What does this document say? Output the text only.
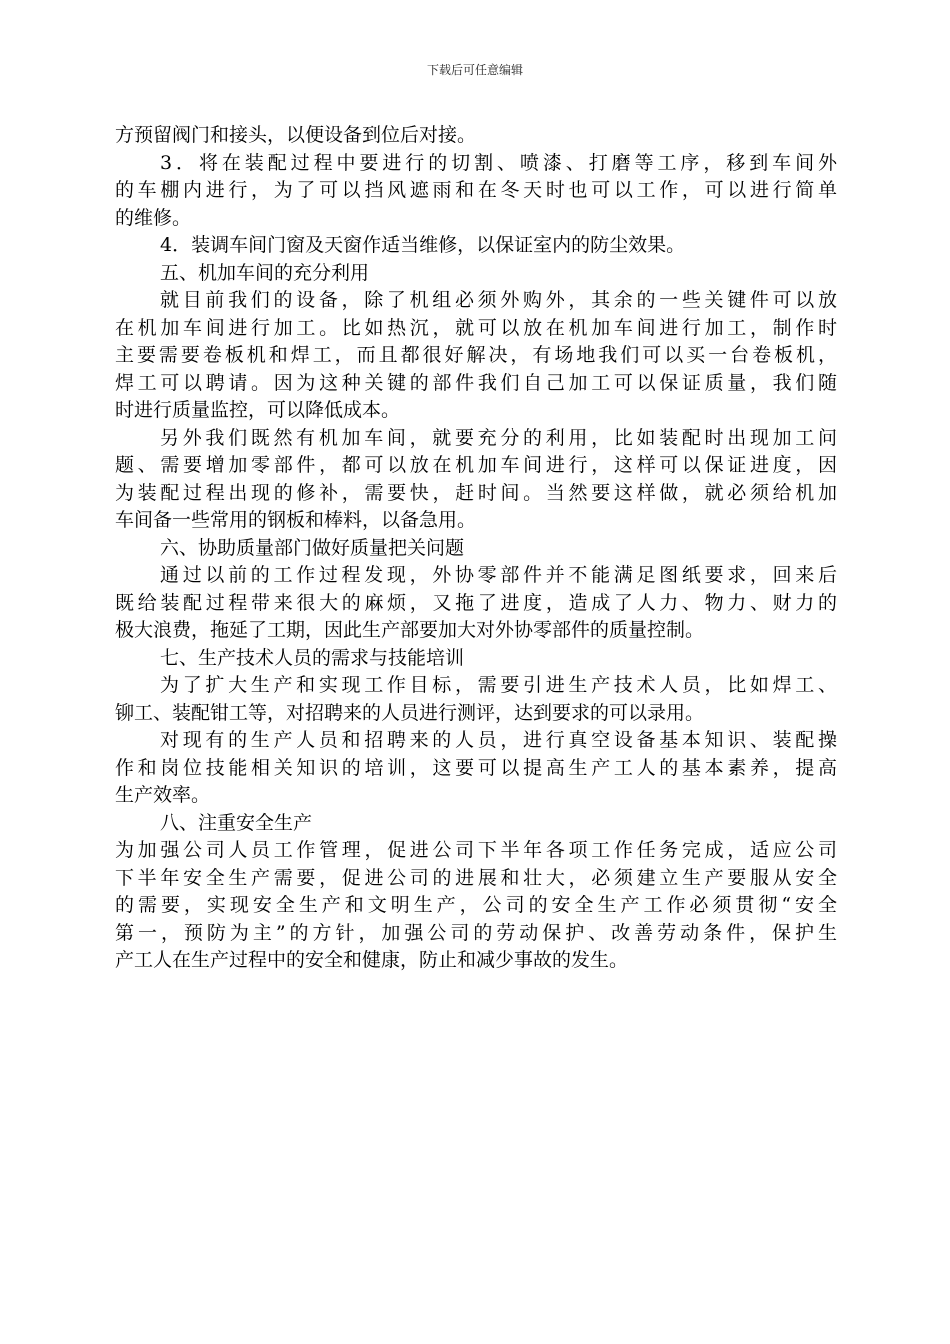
下载后可任意编辑
方预留阀门和接头，以便设备到位后对接。
3．将在装配过程中要进行的切割、喷漆、打磨等工序，移到车间外
的车棚内进行，为了可以挡风遮雨和在冬天时也可以工作，可以进行简单
的维修。
4．装调车间门窗及天窗作适当维修，以保证室内的防尘效果。
五、机加车间的充分利用
就目前我们的设备，除了机组必须外购外，其余的一些关键件可以放
在机加车间进行加工。比如热沉，就可以放在机加车间进行加工，制作时
主要需要卷板机和焊工，而且都很好解决，有场地我们可以买一台卷板机，
焊工可以聘请。因为这种关键的部件我们自己加工可以保证质量，我们随
时进行质量监控，可以降低成本。
另外我们既然有机加车间，就要充分的利用，比如装配时出现加工问
题、需要增加零部件，都可以放在机加车间进行，这样可以保证进度，因
为装配过程出现的修补，需要快，赶时间。当然要这样做，就必须给机加
车间备一些常用的钢板和棒料，以备急用。
六、协助质量部门做好质量把关问题
通过以前的工作过程发现，外协零部件并不能满足图纸要求，回来后
既给装配过程带来很大的麻烦，又拖了进度，造成了人力、物力、财力的
极大浪费，拖延了工期，因此生产部要加大对外协零部件的质量控制。
七、生产技术人员的需求与技能培训
为了扩大生产和实现工作目标，需要引进生产技术人员，比如焊工、
铆工、装配钳工等，对招聘来的人员进行测评，达到要求的可以录用。
对现有的生产人员和招聘来的人员，进行真空设备基本知识、装配操
作和岗位技能相关知识的培训，这要可以提高生产工人的基本素养，提高
生产效率。
八、注重安全生产
为加强公司人员工作管理，促进公司下半年各项工作任务完成，适应公司
下半年安全生产需要，促进公司的进展和壮大，必须建立生产要服从安全
的需要，实现安全生产和文明生产，公司的安全生产工作必须贯彻“安全
第一，预防为主”的方针，加强公司的劳动保护、改善劳动条件，保护生
产工人在生产过程中的安全和健康，防止和减少事故的发生。
